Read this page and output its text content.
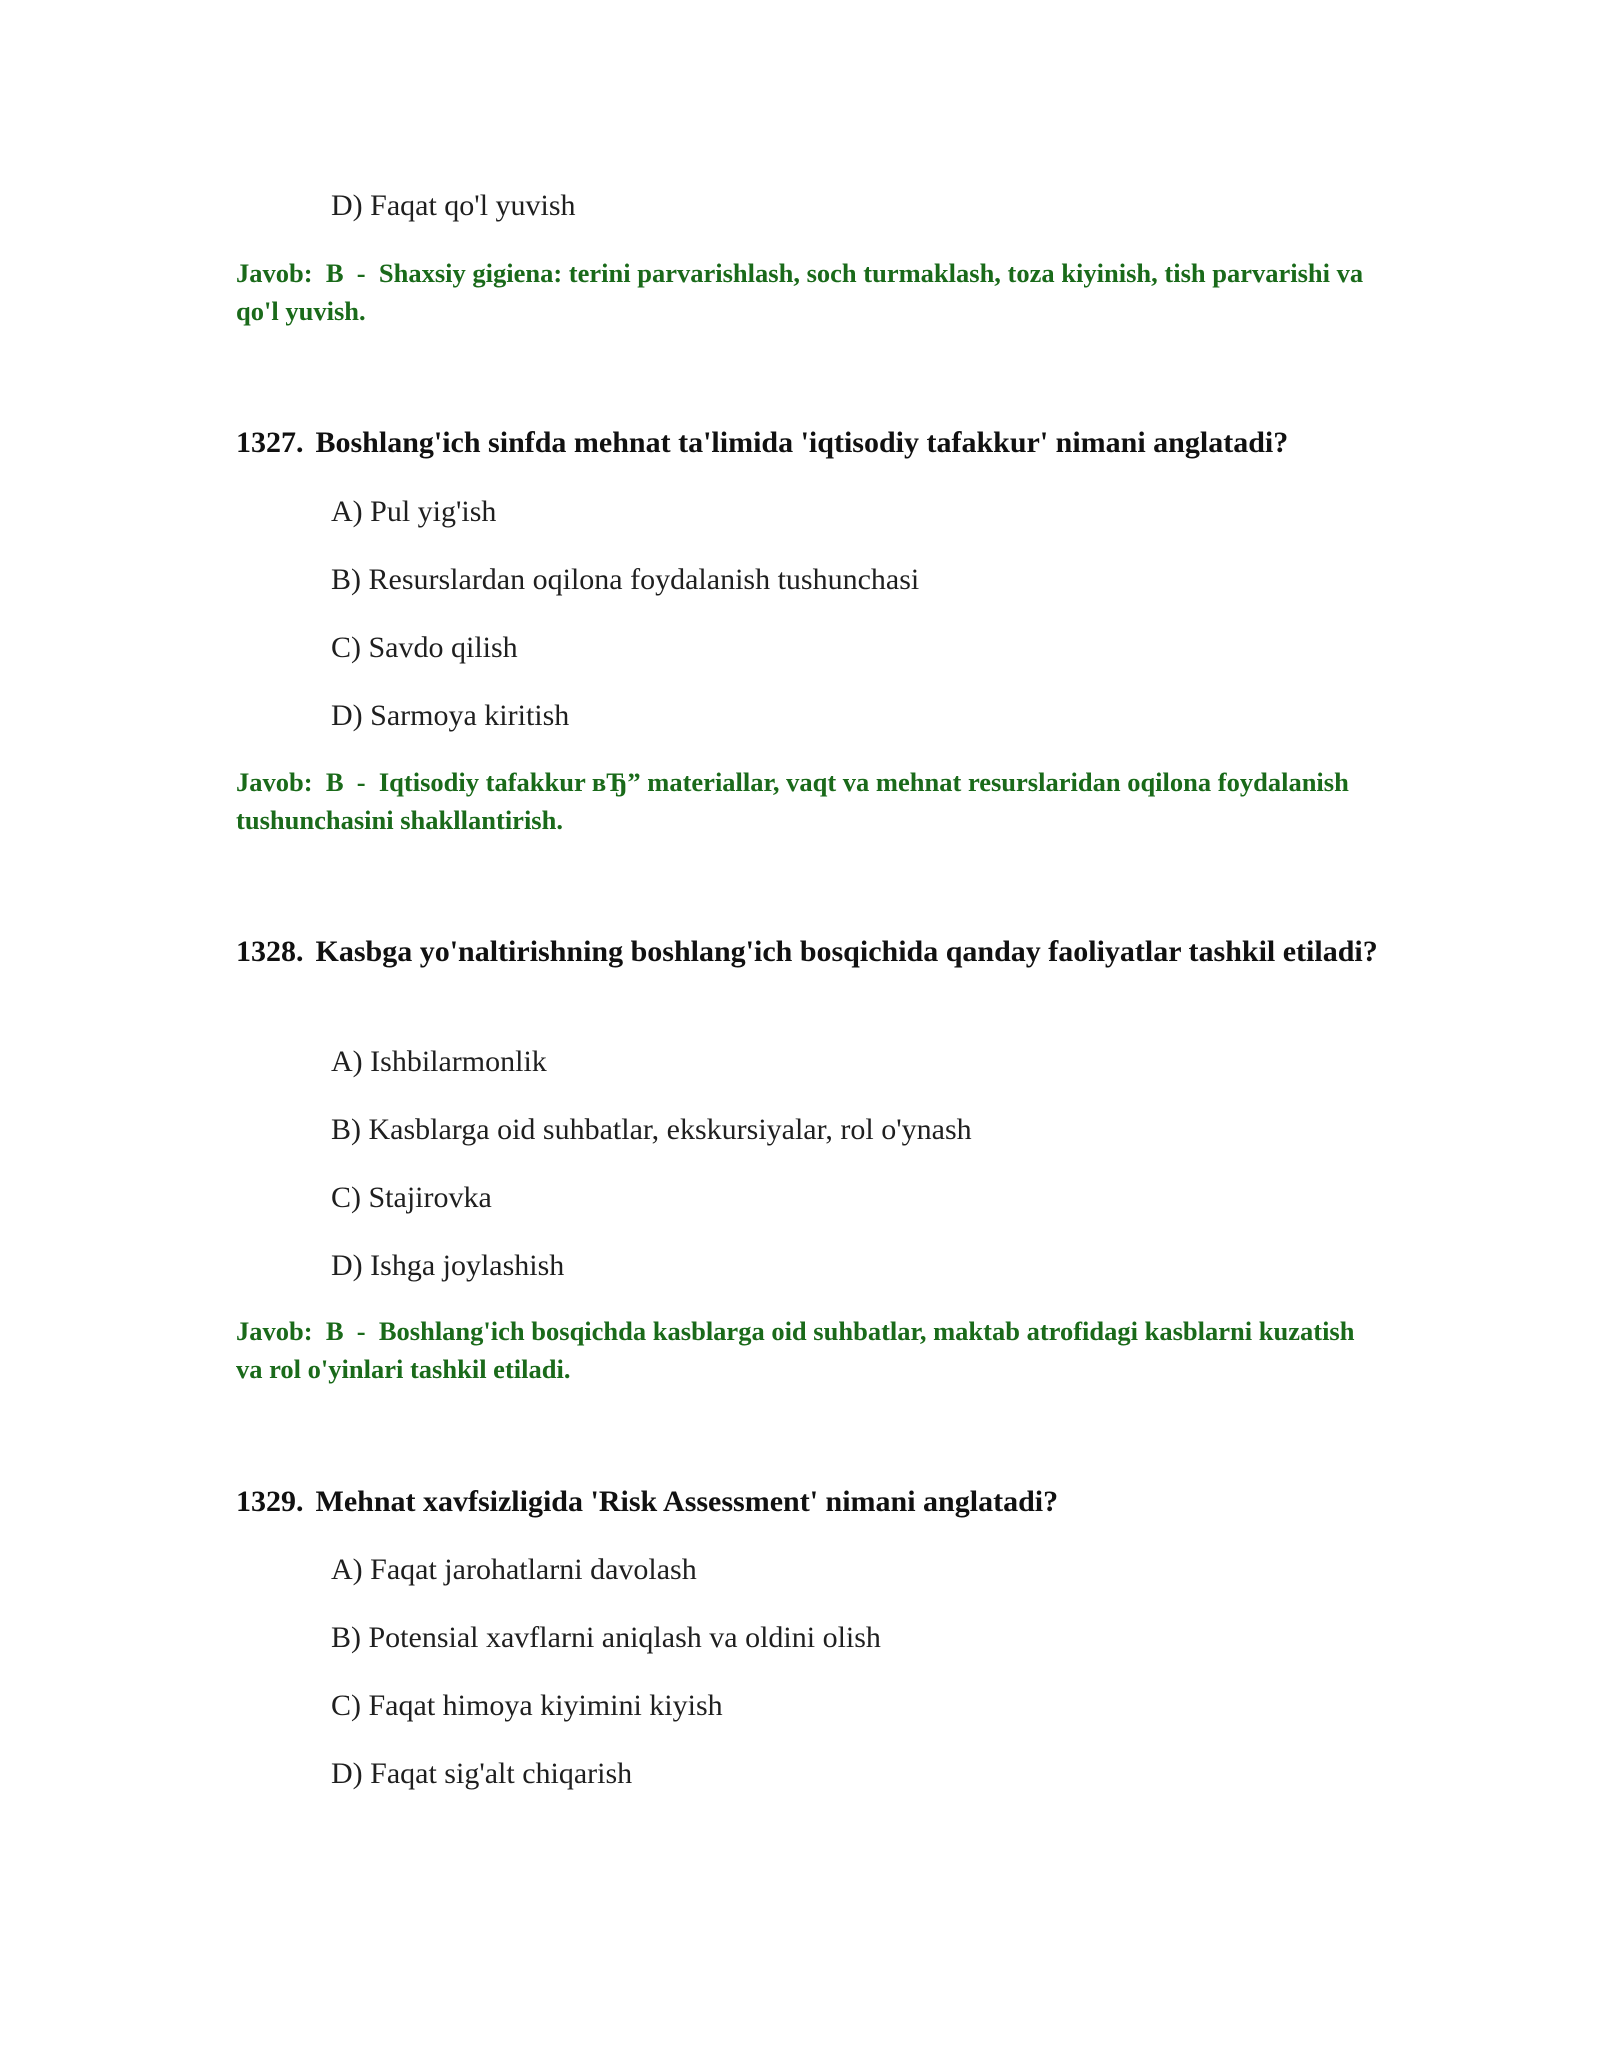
D) Faqat qo'l yuvish

Javob: B  -  Shaxsiy gigiena: terini parvarishlash, soch turmaklash, toza kiyinish, tish parvarishi va qo'l yuvish.
1327. Boshlang'ich sinfda mehnat ta'limida 'iqtisodiy tafakkur' nimani anglatadi?

A) Pul yig'ish

B) Resurslardan oqilona foydalanish tushunchasi

C) Savdo qilish

D) Sarmoya kiritish

Javob: B  -  Iqtisodiy tafakkur вЂ” materiallar, vaqt va mehnat resurslaridan oqilona foydalanish tushunchasini shakllantirish.
1328. Kasbga yo'naltirishning boshlang'ich bosqichida qanday faoliyatlar tashkil etiladi?

A) Ishbilarmonlik

B) Kasblarga oid suhbatlar, ekskursiyalar, rol o'ynash

C) Stajirovka

D) Ishga joylashish

Javob: B  -  Boshlang'ich bosqichda kasblarga oid suhbatlar, maktab atrofidagi kasblarni kuzatish va rol o'yinlari tashkil etiladi.
1329. Mehnat xavfsizligida 'Risk Assessment' nimani anglatadi?

A) Faqat jarohatlarni davolash

B) Potensial xavflarni aniqlash va oldini olish

C) Faqat himoya kiyimini kiyish

D) Faqat sig'alt chiqarish
